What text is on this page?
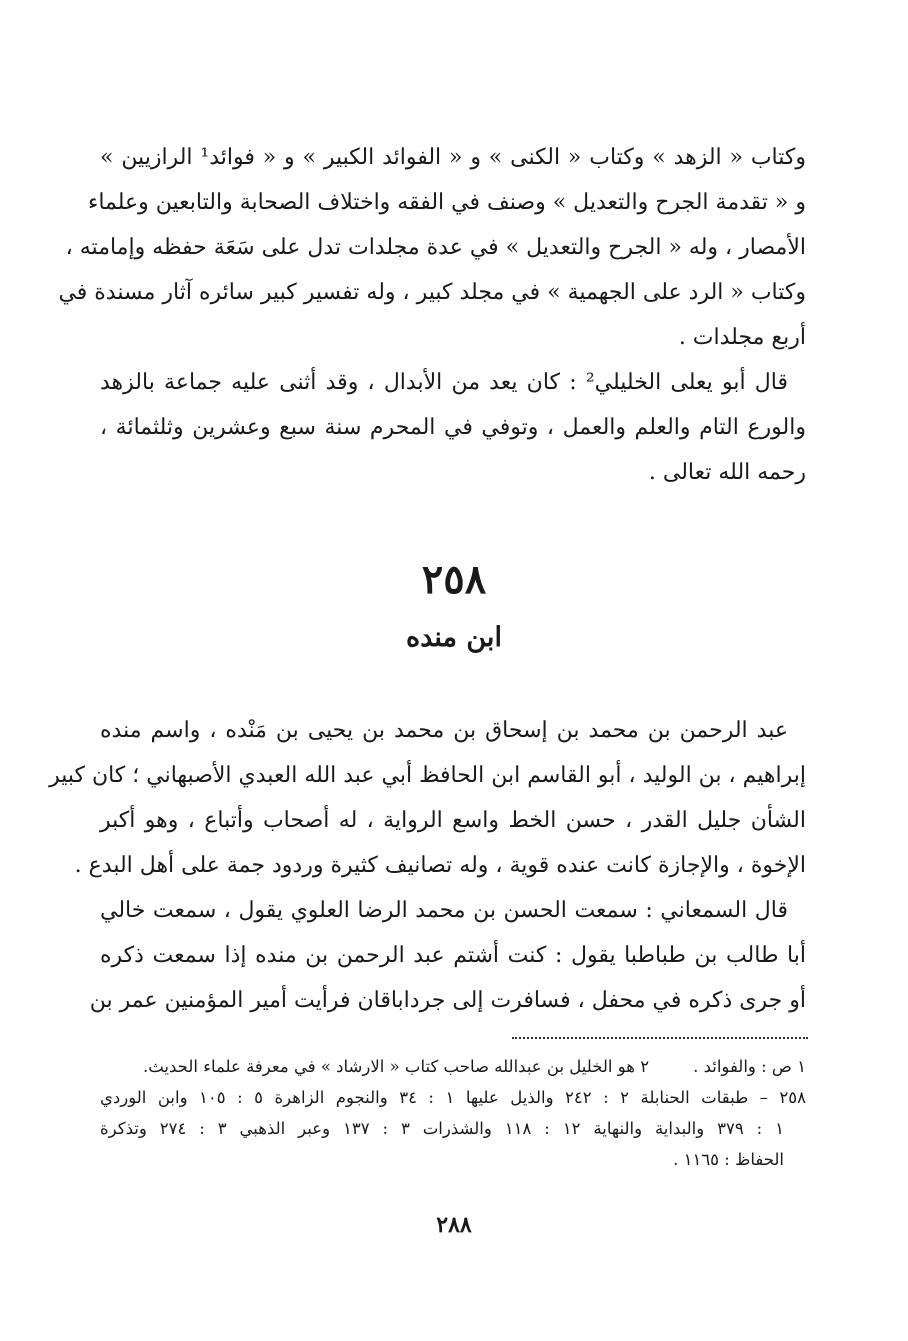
وكتاب « الزهد » وكتاب « الكنى » و « الفوائد الكبير » و « فوائد¹ الرازيين »
و « تقدمة الجرح والتعديل » وصنف في الفقه واختلاف الصحابة والتابعين وعلماء
الأمصار ، وله « الجرح والتعديل » في عدة مجلدات تدل على سَعَة حفظه وإمامته ،
وكتاب « الرد على الجهمية » في مجلد كبير ، وله تفسير كبير سائره آثار مسندة في
أربع مجلدات .
قال أبو يعلى الخليلي² : كان يعد من الأبدال ، وقد أثنى عليه جماعة بالزهد
والورع التام والعلم والعمل ، وتوفي في المحرم سنة سبع وعشرين وثلثمائة ،
رحمه الله تعالى .
٢٥٨
ابن منده
عبد الرحمن بن محمد بن إسحاق بن محمد بن يحيى بن مَنْده ، واسم منده
إبراهيم ، بن الوليد ، أبو القاسم ابن الحافظ أبي عبد الله العبدي الأصبهاني ؛ كان كبير
الشأن جليل القدر ، حسن الخط واسع الرواية ، له أصحاب وأتباع ، وهو أكبر
الإخوة ، والإجازة كانت عنده قوية ، وله تصانيف كثيرة وردود جمة على أهل البدع .
قال السمعاني : سمعت الحسن بن محمد الرضا العلوي يقول ، سمعت خالي
أبا طالب بن طباطبا يقول : كنت أشتم عبد الرحمن بن منده إذا سمعت ذكره
أو جرى ذكره في محفل ، فسافرت إلى جرداباقان فرأيت أمير المؤمنين عمر بن
١ ص : والفوائد .
٢ هو الخليل بن عبدالله صاحب كتاب « الارشاد » في معرفة علماء الحديث.
٢٥٨ – طبقات الحنابلة ٢ : ٢٤٢ والذيل عليها ١ : ٣٤ والنجوم الزاهرة ٥ : ١٠٥ وابن الوردي
١ : ٣٧٩ والبداية والنهاية ١٢ : ١١٨ والشذرات ٣ : ١٣٧ وعبر الذهبي ٣ : ٢٧٤ وتذكرة
الحفاظ : ١١٦٥ .
٢٨٨
